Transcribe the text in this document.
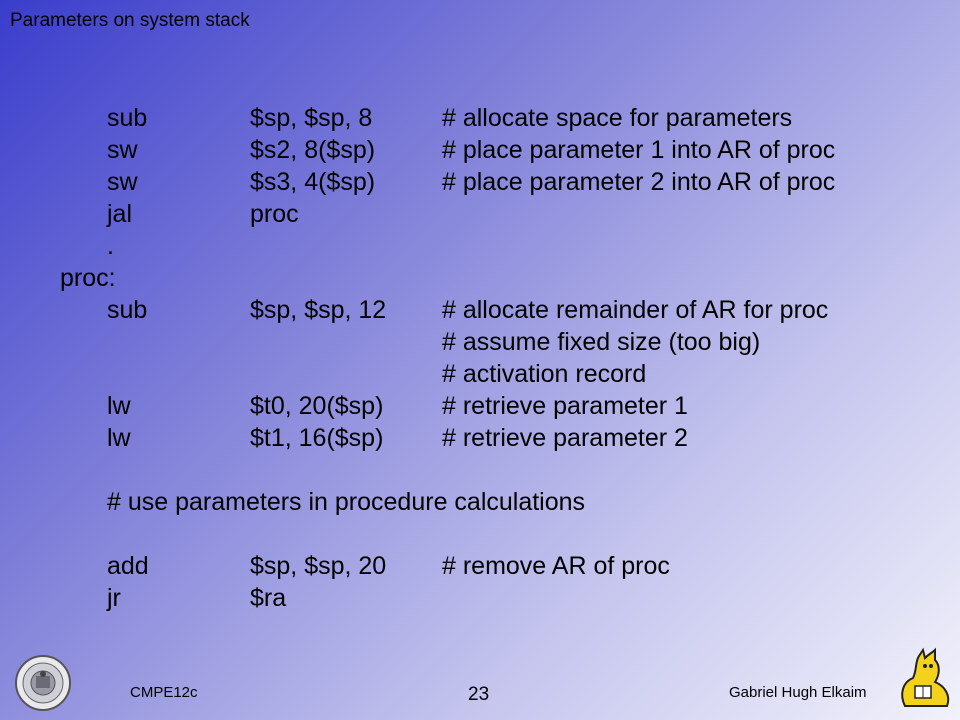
Parameters on system stack
sub	$sp, $sp, 8	# allocate space for parameters
sw	$s2, 8($sp)	# place parameter 1 into AR of proc
sw	$s3, 4($sp)	# place parameter 2 into AR of proc
jal	proc
.
proc:
sub	$sp, $sp, 12 # allocate remainder of AR for proc
# assume fixed size (too big)
# activation record
lw	$t0, 20($sp) # retrieve parameter 1
lw	$t1, 16($sp) # retrieve parameter 2
# use parameters in procedure calculations
add	$sp, $sp, 20 # remove AR of proc
jr	$ra
CMPE12c	23	Gabriel Hugh Elkaim
